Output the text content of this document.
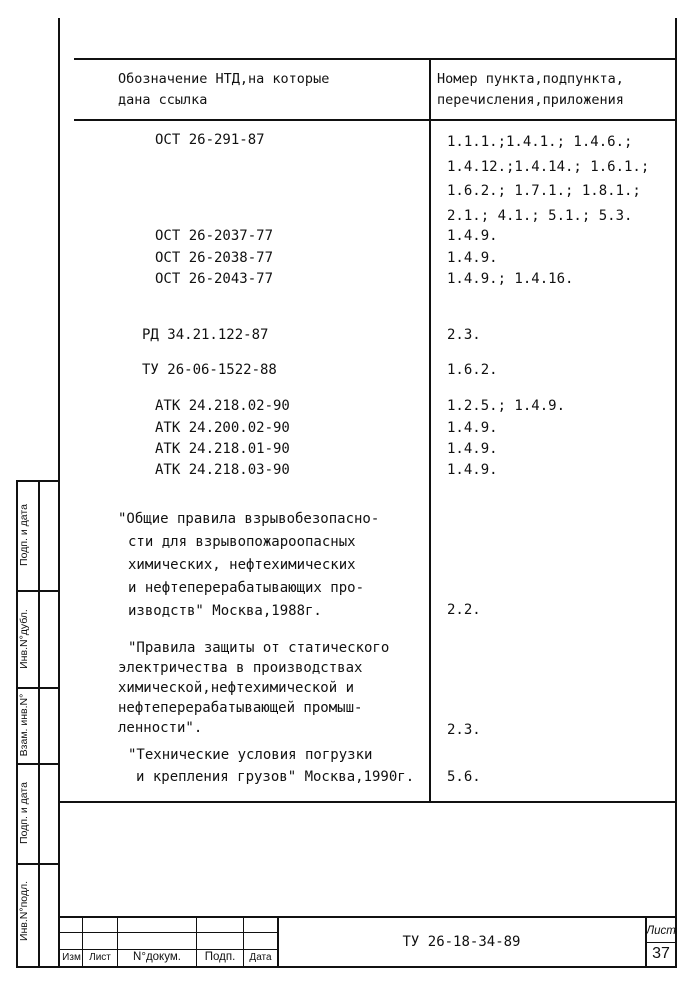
Инв.N°подл.
Подп. и дата
Взам. инв.N°
Инв.N°дубл.
Подп. и дата
Обозначение НТД,на которые
дана ссылка
Номер пункта,подпункта,
перечисления,приложения
ОСТ 26-291-87	1.1.1.;1.4.1.; 1.4.6.;
1.4.12.;1.4.14.; 1.6.1.;
1.6.2.; 1.7.1.; 1.8.1.;
2.1.; 4.1.; 5.1.; 5.3.
ОСТ 26-2037-77	1.4.9.
ОСТ 26-2038-77	1.4.9.
ОСТ 26-2043-77	1.4.9.; 1.4.16.
РД 34.21.122-87	2.3.
ТУ 26-06-1522-88	1.6.2.
АТК 24.218.02-90	1.2.5.; 1.4.9.
АТК 24.200.02-90	1.4.9.
АТК 24.218.01-90	1.4.9.
АТК 24.218.03-90	1.4.9.
"Общие правила взрывобезопасно-
сти для взрывопожароопасных
химических, нефтехимических
и нефтеперерабатывающих про-
изводств" Москва,1988г.	2.2.
"Правила защиты от статического
электричества в производствах
химической,нефтехимической и
нефтеперерабатывающей промыш-
ленности".	2.3.
"Технические условия погрузки
и крепления грузов" Москва,1990г. 5.6.
Изм Лист	N°докум.	Подп.	Дата
ТУ 26-18-34-89
Лист
37
